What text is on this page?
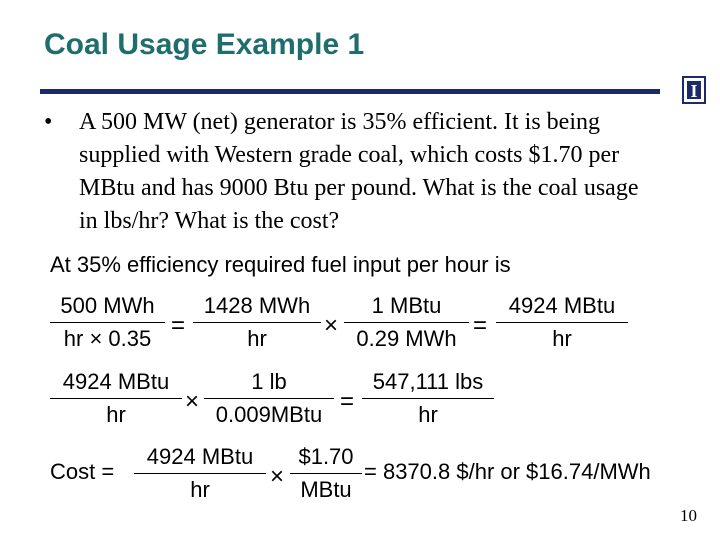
Coal Usage Example 1
I
• A 500 MW (net) generator is 35% efficient. It is being supplied with Western grade coal, which costs $1.70 per MBtu and has 9000 Btu per pound. What is the coal usage in lbs/hr? What is the cost?
At 35% efficiency required fuel input per hour is
500 MWh
hr × 0.35 =
1428 MWh
hr	×
1 MBtu
0.29 MWh =
4924 MBtu
hr
4924 MBtu
hr	×
1 lb
0.009MBtu =
547,111 lbs
hr
Cost =
4924 MBtu
hr	×
$1.70
MBtu
= 8370.8 $/hr or $16.74/MWh
10
